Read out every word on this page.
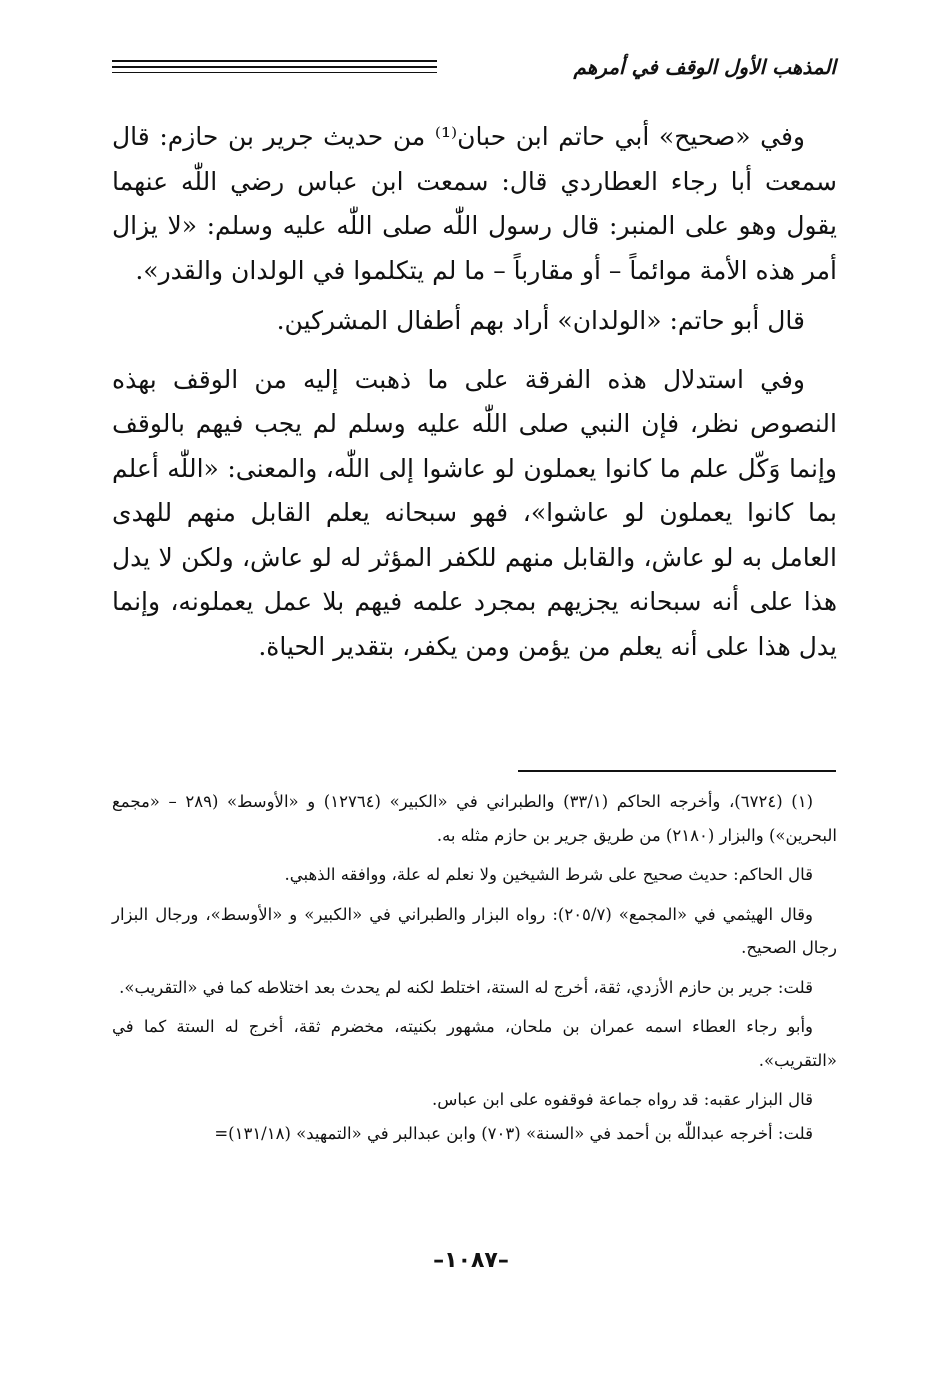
المذهب الأول الوقف في أمرهم

وفي «صحيح» أبي حاتم ابن حبان⁽¹⁾ من حديث جرير بن حازم: قال سمعت أبا رجاء العطاردي قال: سمعت ابن عباس رضي اللّٰه عنهما يقول وهو على المنبر: قال رسول اللّٰه صلى اللّٰه عليه وسلم: «لا يزال أمر هذه الأمة موائماً – أو مقارباً – ما لم يتكلموا في الولدان والقدر».

قال أبو حاتم: «الولدان» أراد بهم أطفال المشركين.

وفي استدلال هذه الفرقة على ما ذهبت إليه من الوقف بهذه النصوص نظر، فإن النبي صلى اللّٰه عليه وسلم لم يجب فيهم بالوقف وإنما وَكّل علم ما كانوا يعملون لو عاشوا إلى اللّٰه، والمعنى: «اللّٰه أعلم بما كانوا يعملون لو عاشوا»، فهو سبحانه يعلم القابل منهم للهدى العامل به لو عاش، والقابل منهم للكفر المؤثر له لو عاش، ولكن لا يدل هذا على أنه سبحانه يجزيهم بمجرد علمه فيهم بلا عمل يعملونه، وإنما يدل هذا على أنه يعلم من يؤمن ومن يكفر، بتقدير الحياة.

(١) (٦٧٢٤)، وأخرجه الحاكم (٣٣/١) والطبراني في «الكبير» (١٢٧٦٤) و «الأوسط» (٢٨٩ – «مجمع البحرين») والبزار (٢١٨٠) من طريق جرير بن حازم مثله به.

قال الحاكم: حديث صحيح على شرط الشيخين ولا نعلم له علة، ووافقه الذهبي.

وقال الهيثمي في «المجمع» (٢٠٥/٧): رواه البزار والطبراني في «الكبير» و «الأوسط»، ورجال البزار رجال الصحيح.

قلت: جرير بن حازم الأزدي، ثقة، أخرج له الستة، اختلط لكنه لم يحدث بعد اختلاطه كما في «التقريب».

وأبو رجاء العطاء اسمه عمران بن ملحان، مشهور بكنيته، مخضرم ثقة، أخرج له الستة كما في «التقريب».

قال البزار عقبه: قد رواه جماعة فوقفوه على ابن عباس.

قلت: أخرجه عبداللّٰه بن أحمد في «السنة» (٧٠٣) وابن عبدالبر في «التمهيد» (١٣١/١٨)=

–١٠٨٧–
